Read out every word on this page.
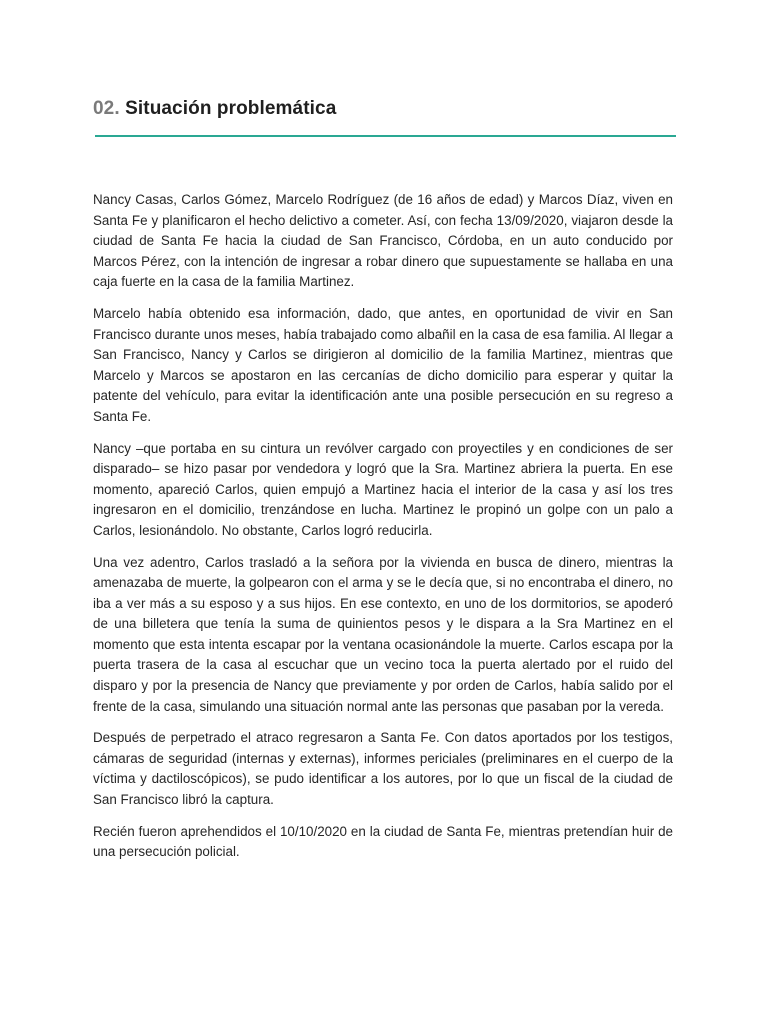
02. Situación problemática

Nancy Casas, Carlos Gómez, Marcelo Rodríguez (de 16 años de edad) y Marcos Díaz, viven en Santa Fe y planificaron el hecho delictivo a cometer. Así, con fecha 13/09/2020, viajaron desde la ciudad de Santa Fe hacia la ciudad de San Francisco, Córdoba, en un auto conducido por Marcos Pérez, con la intención de ingresar a robar dinero que supuestamente se hallaba en una caja fuerte en la casa de la familia Martinez.

Marcelo había obtenido esa información, dado, que antes, en oportunidad de vivir en San Francisco durante unos meses, había trabajado como albañil en la casa de esa familia. Al llegar a San Francisco, Nancy y Carlos se dirigieron al domicilio de la familia Martinez, mientras que Marcelo y Marcos se apostaron en las cercanías de dicho domicilio para esperar y quitar la patente del vehículo, para evitar la identificación ante una posible persecución en su regreso a Santa Fe.

Nancy –que portaba en su cintura un revólver cargado con proyectiles y en condiciones de ser disparado– se hizo pasar por vendedora y logró que la Sra. Martinez abriera la puerta. En ese momento, apareció Carlos, quien empujó a Martinez hacia el interior de la casa y así los tres ingresaron en el domicilio, trenzándose en lucha. Martinez le propinó un golpe con un palo a Carlos, lesionándolo. No obstante, Carlos logró reducirla.

Una vez adentro, Carlos trasladó a la señora por la vivienda en busca de dinero, mientras la amenazaba de muerte, la golpearon con el arma y se le decía que, si no encontraba el dinero, no iba a ver más a su esposo y a sus hijos. En ese contexto, en uno de los dormitorios, se apoderó de una billetera que tenía la suma de quinientos pesos y le dispara a la Sra Martinez en el momento que esta intenta escapar por la ventana ocasionándole la muerte. Carlos escapa por la puerta trasera de la casa al escuchar que un vecino toca la puerta alertado por el ruido del disparo y por la presencia de Nancy que previamente y por orden de Carlos, había salido por el frente de la casa, simulando una situación normal ante las personas que pasaban por la vereda.

Después de perpetrado el atraco regresaron a Santa Fe. Con datos aportados por los testigos, cámaras de seguridad (internas y externas), informes periciales (preliminares en el cuerpo de la víctima y dactiloscópicos), se pudo identificar a los autores, por lo que un fiscal de la ciudad de San Francisco libró la captura.

Recién fueron aprehendidos el 10/10/2020 en la ciudad de Santa Fe, mientras pretendían huir de una persecución policial.
